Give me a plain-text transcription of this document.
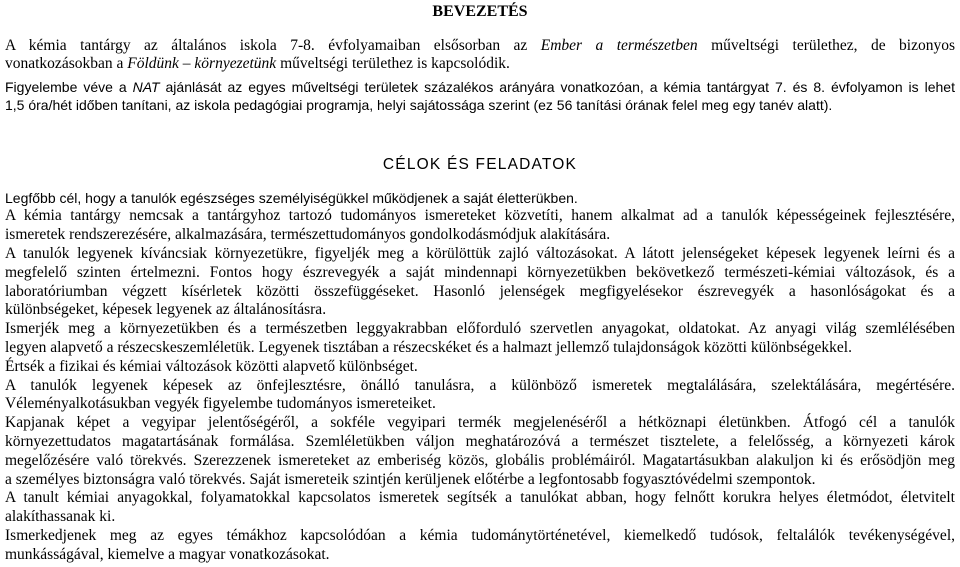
BEVEZETÉS
A kémia tantárgy az általános iskola 7-8. évfolyamaiban elsősorban az Ember a természetben műveltségi területhez, de bizonyos
vonatkozásokban a Földünk – környezetünk műveltségi területhez is kapcsolódik.
Figyelembe véve a NAT ajánlását az egyes műveltségi területek százalékos arányára vonatkozóan, a kémia tantárgyat 7. és 8. évfolyamon is lehet
1,5 óra/hét időben tanítani, az iskola pedagógiai programja, helyi sajátossága szerint (ez 56 tanítási órának felel meg egy tanév alatt).
CÉLOK ÉS FELADATOK
Legfőbb cél, hogy a tanulók egészséges személyiségükkel működjenek a saját életterükben.
A kémia tantárgy nemcsak a tantárgyhoz tartozó tudományos ismereteket közvetíti, hanem alkalmat ad a tanulók képességeinek fejlesztésére,
ismeretek rendszerezésére, alkalmazására, természettudományos gondolkodásmódjuk alakítására.
A tanulók legyenek kíváncsiak környezetükre, figyeljék meg a körülöttük zajló változásokat. A látott jelenségeket képesek legyenek leírni és a
megfelelő szinten értelmezni. Fontos hogy észrevegyék a saját mindennapi környezetükben bekövetkező természeti-kémiai változások, és a
laboratóriumban végzett kísérletek közötti összefüggéseket. Hasonló jelenségek megfigyelésekor észrevegyék a hasonlóságokat és a
különbségeket, képesek legyenek az általánosításra.
Ismerjék meg a környezetükben és a természetben leggyakrabban előforduló szervetlen anyagokat, oldatokat. Az anyagi világ szemlélésében
legyen alapvető a részecskeszemléletük. Legyenek tisztában a részecskéket és a halmazt jellemző tulajdonságok közötti különbségekkel.
Értsék a fizikai és kémiai változások közötti alapvető különbséget.
A tanulók legyenek képesek az önfejlesztésre, önálló tanulásra, a különböző ismeretek megtalálására, szelektálására, megértésére.
Véleményalkotásukban vegyék figyelembe tudományos ismereteiket.
Kapjanak képet a vegyipar jelentőségéről, a sokféle vegyipari termék megjelenéséről a hétköznapi életünkben. Átfogó cél a tanulók
környezettudatos magatartásának formálása. Szemléletükben váljon meghatározóvá a természet tisztelete, a felelősség, a környezeti károk
megelőzésére való törekvés. Szerezzenek ismereteket az emberiség közös, globális problémáiról. Magatartásukban alakuljon ki és erősödjön meg
a személyes biztonságra való törekvés. Saját ismereteik szintjén kerüljenek előtérbe a legfontosabb fogyasztóvédelmi szempontok.
A tanult kémiai anyagokkal, folyamatokkal kapcsolatos ismeretek segítsék a tanulókat abban, hogy felnőtt korukra helyes életmódot, életvitelt
alakíthassanak ki.
Ismerkedjenek meg az egyes témákhoz kapcsolódóan a kémia tudománytörténetével, kiemelkedő tudósok, feltalálók tevékenységével,
munkásságával, kiemelve a magyar vonatkozásokat.
